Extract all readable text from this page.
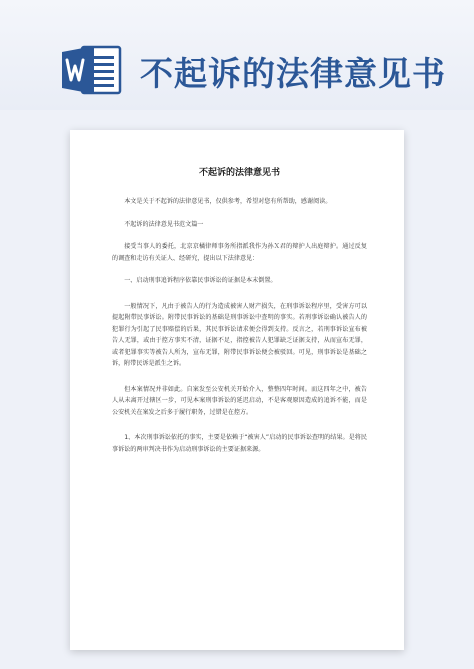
不起诉的法律意见书
不起诉的法律意见书

本文是关于不起诉的法律意见书，仅供参考，希望对您有所帮助，感谢阅读。

不起诉的法律意见书范文篇一

接受当事人的委托，北京京橘律师事务所指派我作为孙Ｘ君的辩护人出庭辩护。通过反复的调查和走访有关证人、经研究，提出以下法律意见：

一、启动刑事追诉程序依靠民事诉讼的证据是本末倒置。

一般情况下，凡由于被告人的行为造成被害人财产损失，在刑事诉讼程序里，受害方可以提起附带民事诉讼。附带民事诉讼的基础是刑事诉讼中查明的事实。若刑事诉讼确认被告人的犯罪行为引起了民事赔偿的后果，其民事诉讼请求便会得到支持。反言之，若刑事诉讼宣布被告人无罪，或由于控方事实不清，证据不足，指控被告人犯罪缺乏证据支持，从而宣布无罪，或者犯罪事实等被告人所为，宣布无罪，附带民事诉讼便会被驳回。可见，刑事诉讼是基础之诉，附带民诉是派生之诉。

但本案情况并非如此。自案发至公安机关开始介入，整整四年时间。而这四年之中，被告人从未离开过辖区一步，可见本案刑事诉讼的延迟启动，不是客观原因造成的追诉不能，而是公安机关在案发之后多于履行职务，过错是在控方。

1、本次刑事诉讼依托的事实，主要是依赖于“被害人”启动的民事诉讼查明的结果。是将民事诉讼的两审判决书作为启动刑事诉讼的主要证据来源。
